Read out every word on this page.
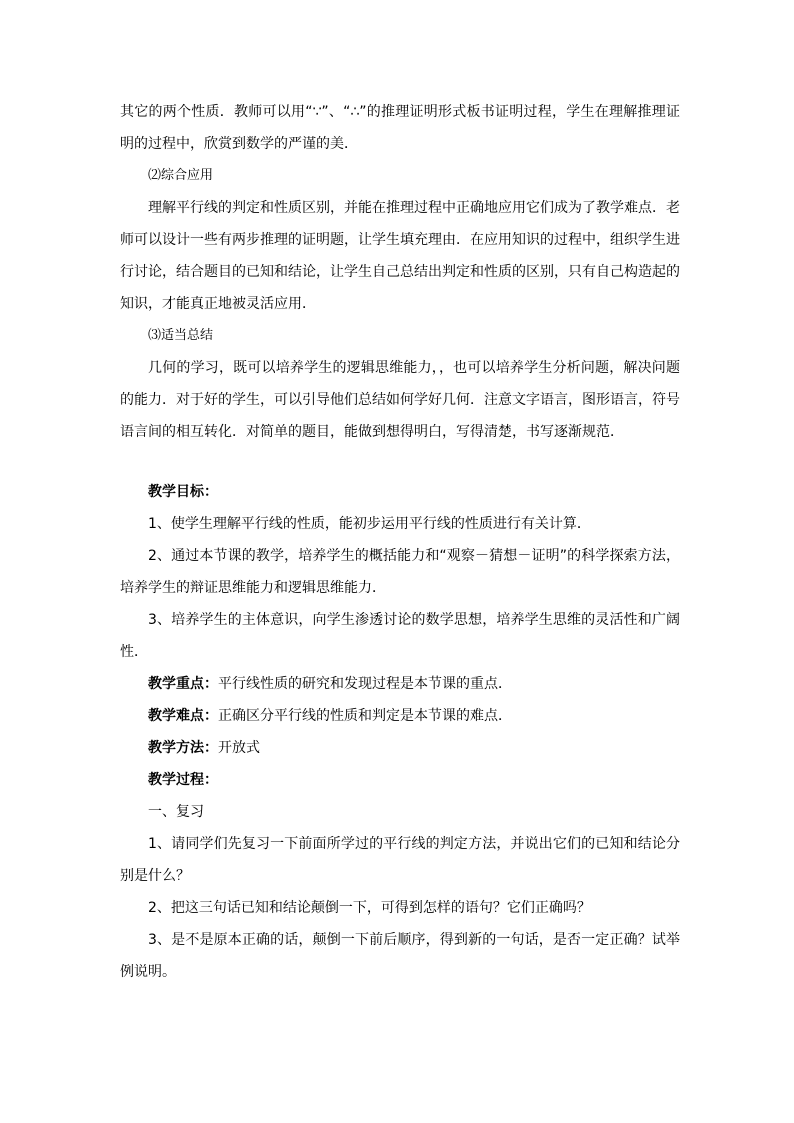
其它的两个性质．教师可以用“∵”、“∴”的推理证明形式板书证明过程，学生在理解推理证明的过程中，欣赏到数学的严谨的美．

⑵综合应用

理解平行线的判定和性质区别，并能在推理过程中正确地应用它们成为了教学难点．老师可以设计一些有两步推理的证明题，让学生填充理由．在应用知识的过程中，组织学生进行讨论，结合题目的已知和结论，让学生自己总结出判定和性质的区别，只有自己构造起的知识，才能真正地被灵活应用．

⑶适当总结

几何的学习，既可以培养学生的逻辑思维能力，，也可以培养学生分析问题，解决问题的能力．对于好的学生，可以引导他们总结如何学好几何．注意文字语言，图形语言，符号语言间的相互转化．对简单的题目，能做到想得明白，写得清楚，书写逐渐规范．

教学目标：

1、使学生理解平行线的性质，能初步运用平行线的性质进行有关计算．

2、通过本节课的教学，培养学生的概括能力和“观察－猜想－证明”的科学探索方法，培养学生的辩证思维能力和逻辑思维能力．

3、培养学生的主体意识，向学生渗透讨论的数学思想，培养学生思维的灵活性和广阔性．

教学重点：平行线性质的研究和发现过程是本节课的重点．

教学难点：正确区分平行线的性质和判定是本节课的难点．

教学方法：开放式

教学过程：

一、复习

1、请同学们先复习一下前面所学过的平行线的判定方法，并说出它们的已知和结论分别是什么？

2、把这三句话已知和结论颠倒一下，可得到怎样的语句？它们正确吗？

3、是不是原本正确的话，颠倒一下前后顺序，得到新的一句话，是否一定正确？试举例说明。
